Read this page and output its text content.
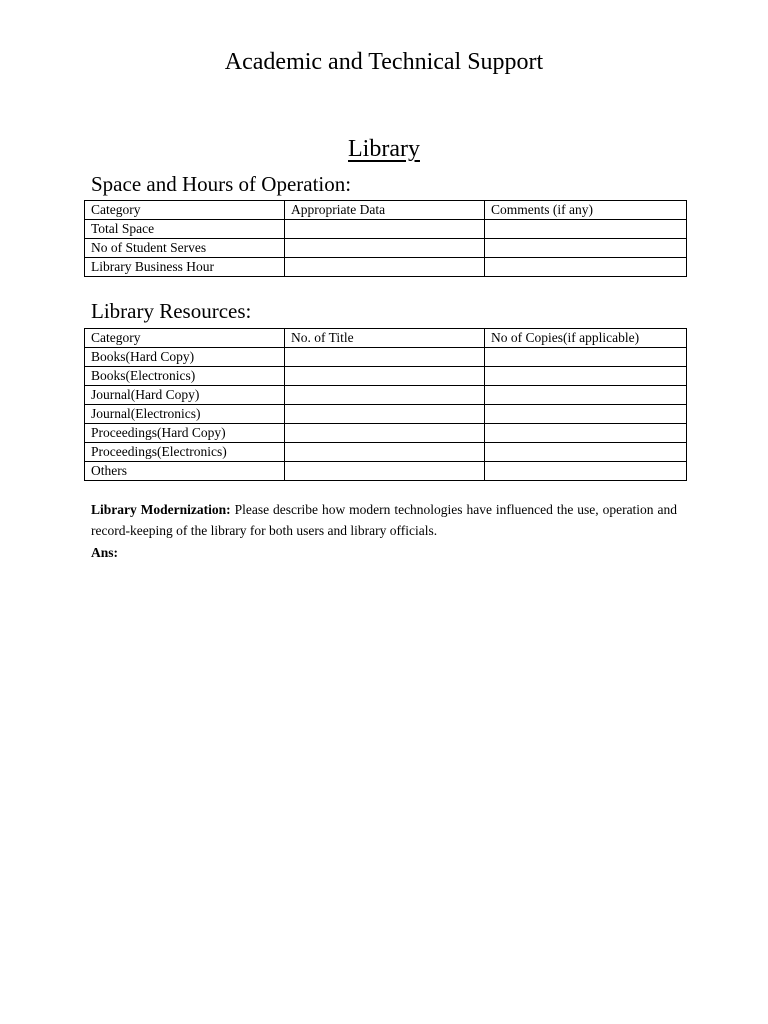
Academic and Technical Support
Library
Space and Hours of Operation:
Category	Appropriate Data	Comments (if any)
Total Space		
No of Student Serves		
Library Business Hour		
Library Resources:
Category	No. of Title	No of Copies(if applicable)
Books(Hard Copy)		
Books(Electronics)		
Journal(Hard Copy)		
Journal(Electronics)		
Proceedings(Hard Copy)		
Proceedings(Electronics)		
Others		
Library Modernization: Please describe how modern technologies have influenced the use, operation and record-keeping of the library for both users and library officials.
Ans:
